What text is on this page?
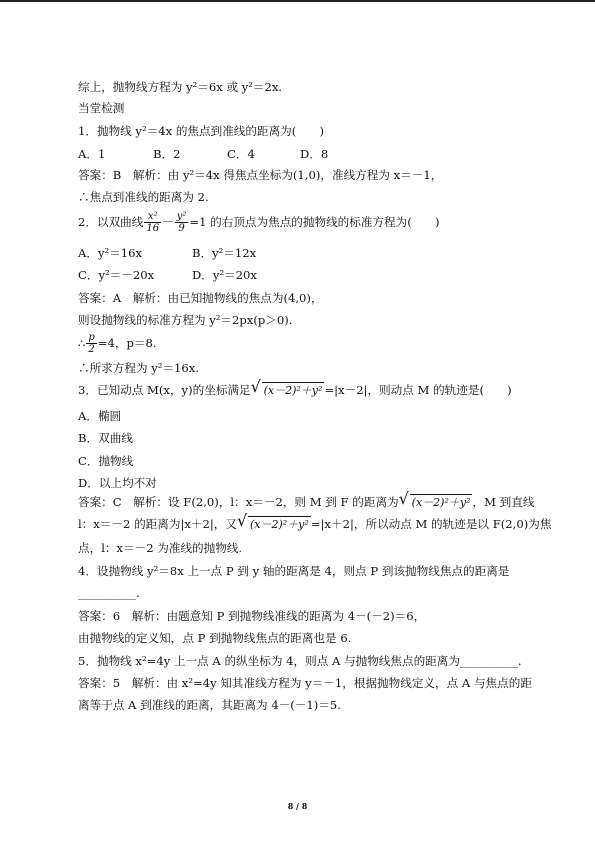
综上，抛物线方程为 y²＝6x 或 y²＝2x.
当堂检测
1．抛物线 y²＝4x 的焦点到准线的距离为(　　)
A．1	B．2	C．4	D．8
答案：B　解析：由 y²＝4x 得焦点坐标为(1,0)，准线方程为 x＝－1，
∴焦点到准线的距离为 2.
2．以双曲线 $\frac{\text{x²}}{16} - \frac{\text{y²}}{9} =1$ 的右顶点为焦点的抛物线的标准方程为(　　)
A．y²＝16x	B．y²＝12x
C．y²＝－20x	D．y²＝20x
答案：A　解析：由已知抛物线的焦点为(4,0)，
则设抛物线的标准方程为 y²＝2px(p＞0).
∴ $\frac{p}{2} =4$，p＝8.
∴所求方程为 y²＝16x.
3．已知动点 M(x，y)的坐标满足 √ (x－2)²＋y² =|x－2|，则动点 M 的轨迹是(　　)
A．椭圆
B．双曲线
C．抛物线
D．以上均不对
答案：C　解析：设 F(2,0)，l：x＝－2，则 M 到 F 的距离为 √ (x－2)²＋y² ，M 到直线
l：x＝－2 的距离为|x＋2|，又 √ (x－2)²＋y² =|x＋2|，所以动点 M 的轨迹是以 F(2,0)为焦
点，l：x＝－2 为准线的抛物线.
4．设抛物线 y²＝8x 上一点 P 到 y 轴的距离是 4，则点 P 到该抛物线焦点的距离是
__________.
答案：6　解析：由题意知 P 到抛物线准线的距离为 4－(－2)＝6，
由抛物线的定义知，点 P 到抛物线焦点的距离也是 6.
5．抛物线 x²=4y 上一点 A 的纵坐标为 4，则点 A 与抛物线焦点的距离为__________.
答案：5　解析：由 x²=4y 知其准线方程为 y＝－1，根据抛物线定义，点 A 与焦点的距
离等于点 A 到准线的距离，其距离为 4－(－1)＝5.
8 / 8
